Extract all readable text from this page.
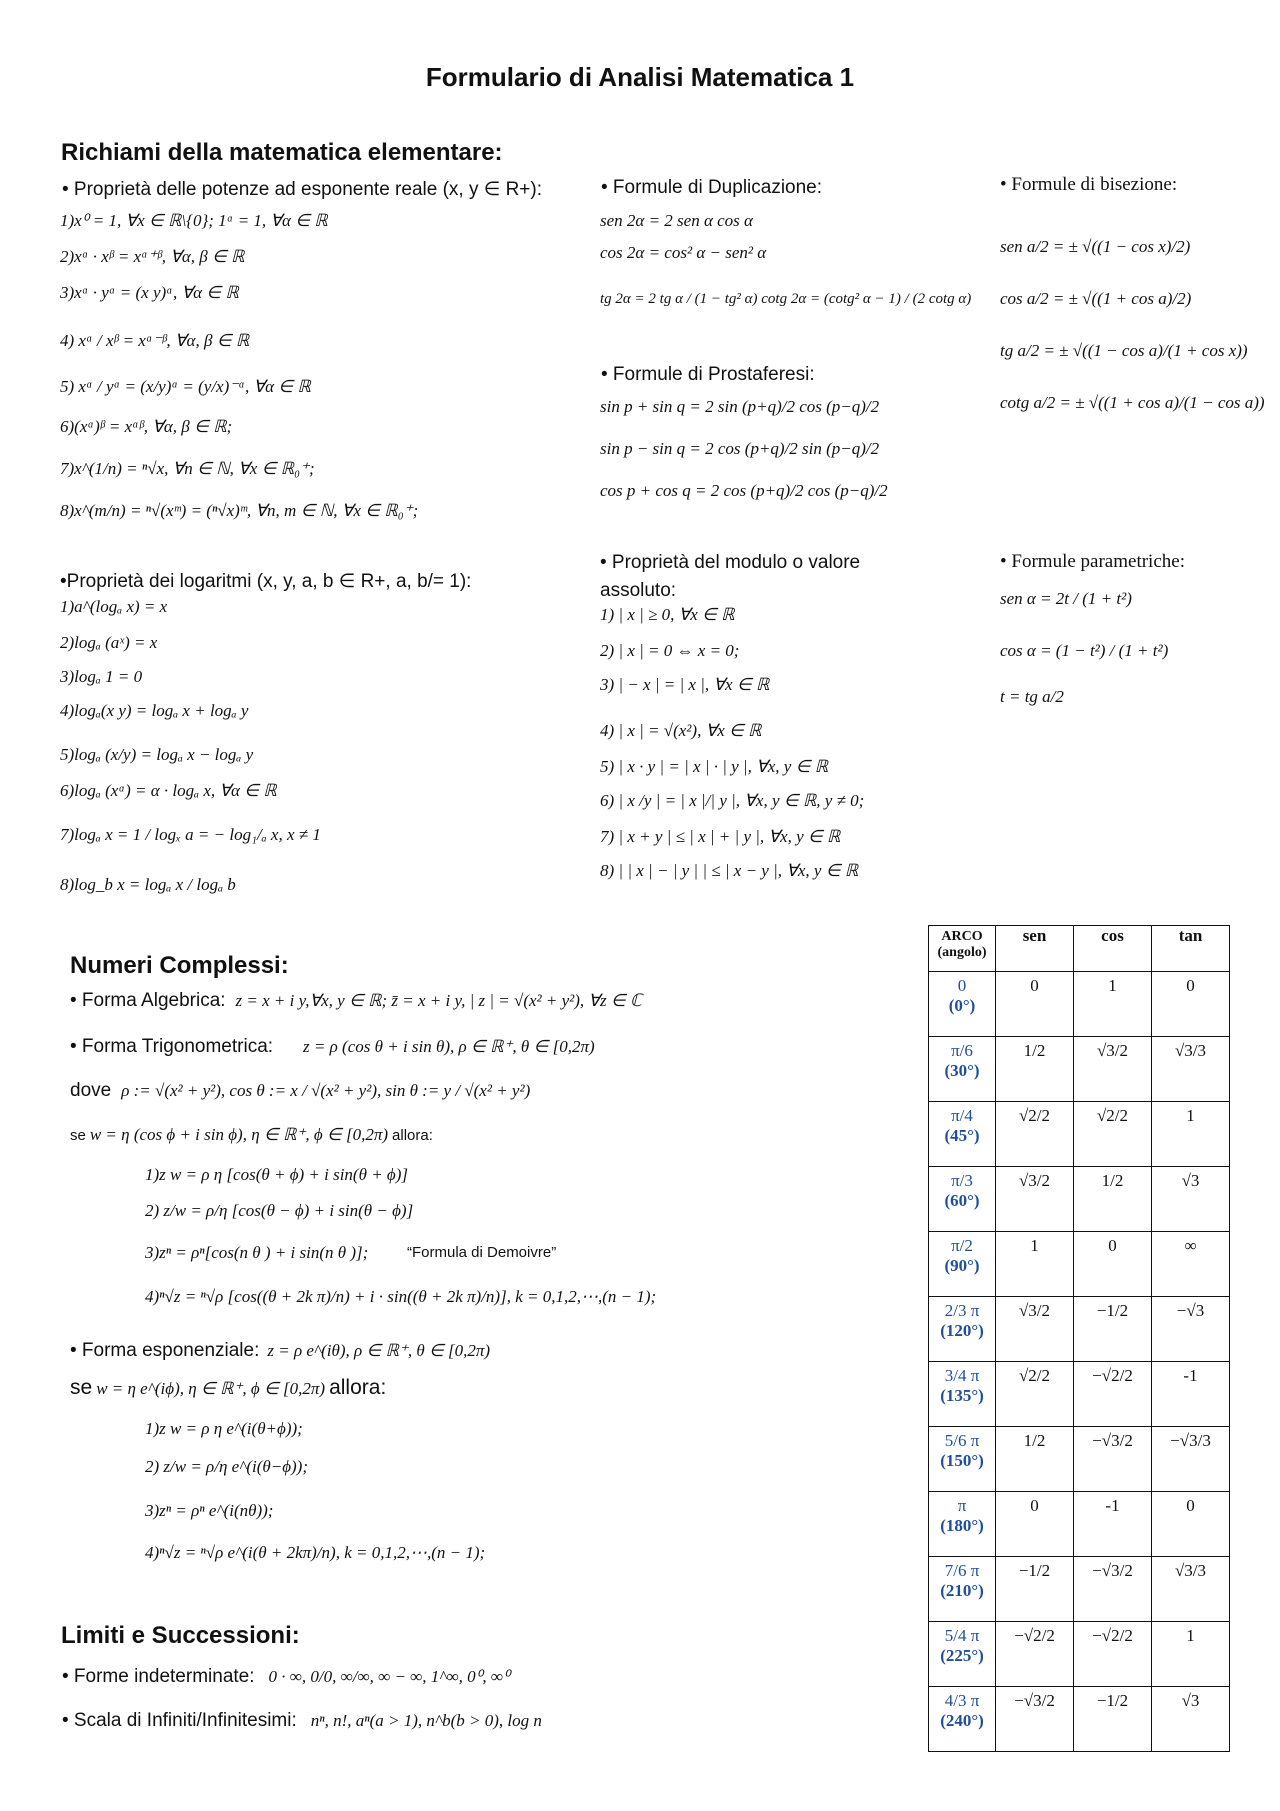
Formulario di Analisi Matematica 1
Richiami della matematica elementare:
• Proprietà delle potenze ad esponente reale (x, y ∈ R+):
1)x⁰ = 1, ∀x ∈ ℝ\{0}; 1ᵅ = 1, ∀α ∈ ℝ
2)xᵅ · xᵝ = xᵅ⁺ᵝ, ∀α, β ∈ ℝ
3)xᵅ · yᵅ = (x y)ᵅ, ∀α ∈ ℝ
4) xᵅ / xᵝ = xᵅ⁻ᵝ, ∀α, β ∈ ℝ
5) xᵅ / yᵅ = (x/y)ᵅ = (y/x)⁻ᵅ, ∀α ∈ ℝ
6)(xᵅ)ᵝ = xᵅᵝ, ∀α, β ∈ ℝ;
7)x^(1/n) = ⁿ√x, ∀n ∈ ℕ, ∀x ∈ ℝ₀⁺;
8)x^(m/n) = ⁿ√(xᵐ) = (ⁿ√x)ᵐ, ∀n, m ∈ ℕ, ∀x ∈ ℝ₀⁺;
• Formule di Duplicazione:
sen 2α = 2 sen α cos α
cos 2α = cos² α − sen² α
tg 2α = 2 tg α / (1 − tg² α) cotg 2α = (cotg² α − 1) / (2 cotg α)
• Formule di bisezione:
sen a/2 = ± √((1 − cos x)/2)
cos a/2 = ± √((1 + cos a)/2)
tg a/2 = ± √((1 − cos a)/(1 + cos x))
cotg a/2 = ± √((1 + cos a)/(1 − cos a))
• Formule di Prostaferesi:
sin p + sin q = 2 sin (p+q)/2 cos (p−q)/2
sin p − sin q = 2 cos (p+q)/2 sin (p−q)/2
cos p + cos q = 2 cos (p+q)/2 cos (p−q)/2
•Proprietà dei logaritmi (x, y, a, b ∈ R+, a, b/= 1):
1)a^(logₐ x) = x
2)logₐ (aˣ) = x
3)logₐ 1 = 0
4)logₐ(x y) = logₐ x + logₐ y
5)logₐ (x/y) = logₐ x − logₐ y
6)logₐ (xᵅ) = α · logₐ x, ∀α ∈ ℝ
7)logₐ x = 1 / logₓ a = − log₁/ₐ x, x ≠ 1
8)log_b x = logₐ x / logₐ b
• Proprietà del modulo o valore assoluto:
1) | x | ≥ 0, ∀x ∈ ℝ
2) | x | = 0 ⇔ x = 0;
3) | − x | = | x |, ∀x ∈ ℝ
4) | x | = √(x²), ∀x ∈ ℝ
5) | x · y | = | x | · | y |, ∀x, y ∈ ℝ
6) | x /y | = | x |/| y |, ∀x, y ∈ ℝ, y ≠ 0;
7) | x + y | ≤ | x | + | y |, ∀x, y ∈ ℝ
8) | | x | − | y | | ≤ | x − y |, ∀x, y ∈ ℝ
• Formule parametriche:
sen α = 2t / (1 + t²)
cos α = (1 − t²) / (1 + t²)
t = tg a/2
Numeri Complessi:
• Forma Algebrica: z = x + i y,∀x, y ∈ ℝ; z̄ = x + i y, | z | = √(x² + y²), ∀z ∈ ℂ
• Forma Trigonometrica: z = ρ (cos θ + i sin θ), ρ ∈ ℝ⁺, θ ∈ [0,2π)
dove ρ := √(x² + y²), cos θ := x / √(x² + y²), sin θ := y / √(x² + y²)
se w = η (cos ϕ + i sin ϕ), η ∈ ℝ⁺, ϕ ∈ [0,2π) allora:
1)z w = ρ η [cos(θ + ϕ) + i sin(θ + ϕ)]
2) z/w = ρ/η [cos(θ − ϕ) + i sin(θ − ϕ)]
3)zⁿ = ρⁿ[cos(n θ ) + i sin(n θ )];	“Formula di Demoivre”
4)ⁿ√z = ⁿ√ρ [cos((θ + 2k π)/n) + i · sin((θ + 2k π)/n)], k = 0,1,2,⋯,(n − 1);
• Forma esponenziale: z = ρ e^(iθ), ρ ∈ ℝ⁺, θ ∈ [0,2π)
se w = η e^(iϕ), η ∈ ℝ⁺, ϕ ∈ [0,2π) allora:
1)z w = ρ η e^(i(θ+ϕ));
2) z/w = ρ/η e^(i(θ−ϕ));
3)zⁿ = ρⁿ e^(i(nθ));
4)ⁿ√z = ⁿ√ρ e^(i(θ + 2kπ)/n), k = 0,1,2,⋯,(n − 1);
Limiti e Successioni:
• Forme indeterminate: 0 · ∞, 0/0, ∞/∞, ∞ − ∞, 1^∞, 0⁰, ∞⁰
• Scala di Infiniti/Infinitesimi: nⁿ, n!, aⁿ(a > 1), n^b(b > 0), log n
ARCO
(angolo)	sen	cos	tan
0
(0°)	0	1	0
π/6
(30°)	1/2	√3/2	√3/3
π/4
(45°)	√2/2	√2/2	1
π/3
(60°)	√3/2	1/2	√3
π/2
(90°)	1	0	∞
2/3 π
(120°)	√3/2	−1/2	−√3
3/4 π
(135°)	√2/2	−√2/2	-1
5/6 π
(150°)	1/2	−√3/2	−√3/3
π
(180°)	0	-1	0
7/6 π
(210°)	−1/2	−√3/2	√3/3
5/4 π
(225°)	−√2/2	−√2/2	1
4/3 π
(240°)	−√3/2	−1/2	√3
